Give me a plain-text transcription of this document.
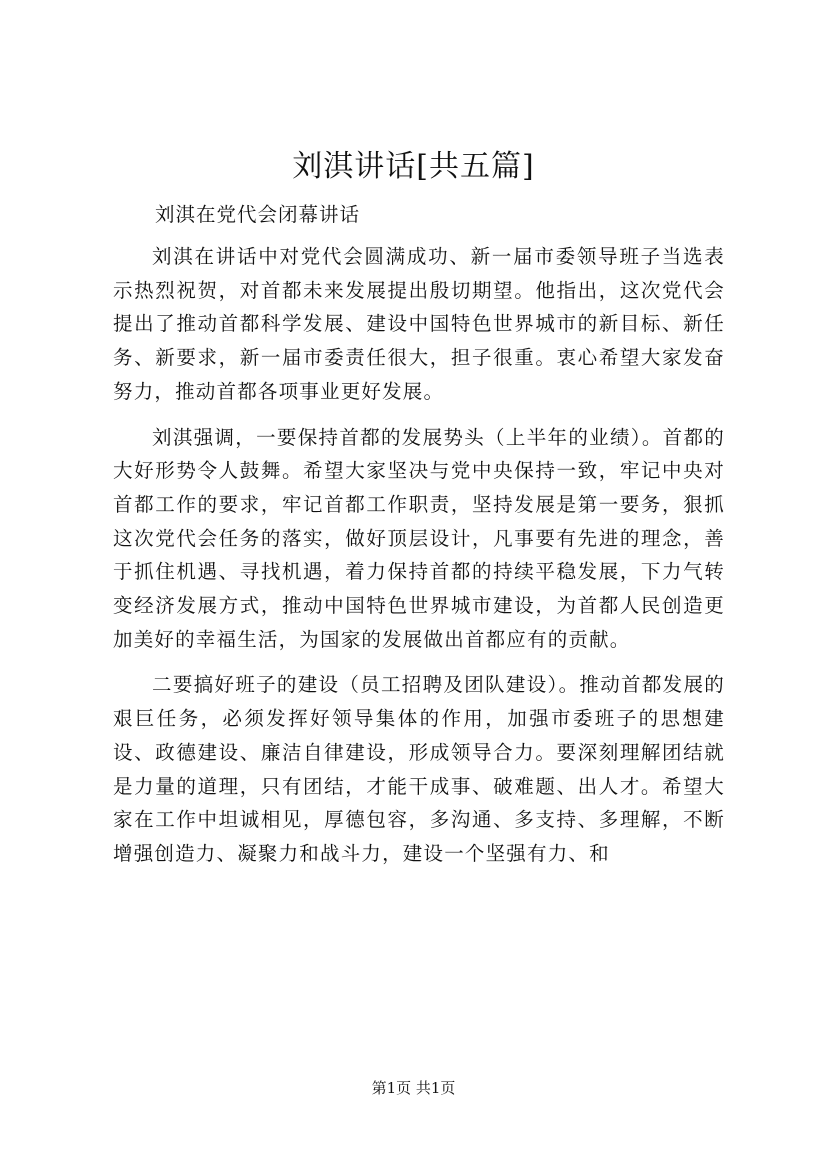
刘淇讲话[共五篇]

刘淇在党代会闭幕讲话

刘淇在讲话中对党代会圆满成功、新一届市委领导班子当选表示热烈祝贺，对首都未来发展提出殷切期望。他指出，这次党代会提出了推动首都科学发展、建设中国特色世界城市的新目标、新任务、新要求，新一届市委责任很大，担子很重。衷心希望大家发奋努力，推动首都各项事业更好发展。

刘淇强调，一要保持首都的发展势头（上半年的业绩）。首都的大好形势令人鼓舞。希望大家坚决与党中央保持一致，牢记中央对首都工作的要求，牢记首都工作职责，坚持发展是第一要务，狠抓这次党代会任务的落实，做好顶层设计，凡事要有先进的理念，善于抓住机遇、寻找机遇，着力保持首都的持续平稳发展，下力气转变经济发展方式，推动中国特色世界城市建设，为首都人民创造更加美好的幸福生活，为国家的发展做出首都应有的贡献。

二要搞好班子的建设（员工招聘及团队建设）。推动首都发展的艰巨任务，必须发挥好领导集体的作用，加强市委班子的思想建设、政德建设、廉洁自律建设，形成领导合力。要深刻理解团结就是力量的道理，只有团结，才能干成事、破难题、出人才。希望大家在工作中坦诚相见，厚德包容，多沟通、多支持、多理解，不断增强创造力、凝聚力和战斗力，建设一个坚强有力、和

第1页 共1页
